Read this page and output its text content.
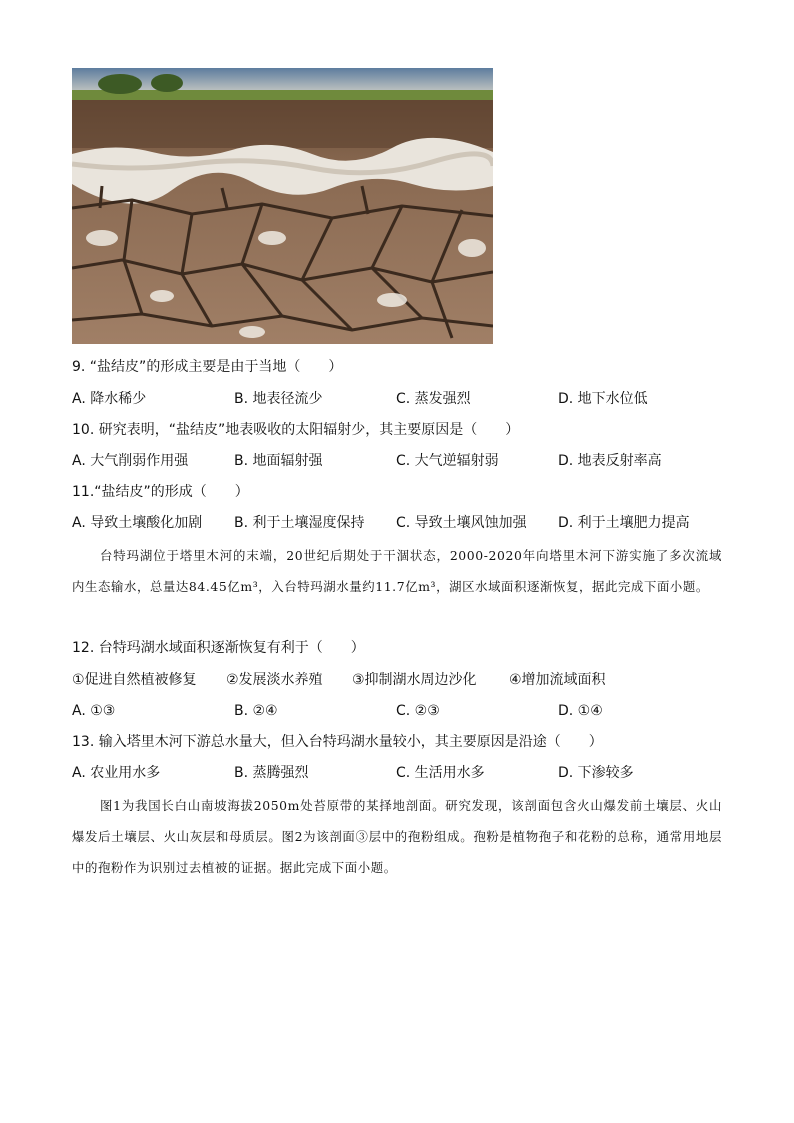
9. “盐结皮”的形成主要是由于当地（　　）
A. 降水稀少	B. 地表径流少	C. 蒸发强烈	D. 地下水位低
10. 研究表明，“盐结皮”地表吸收的太阳辐射少，其主要原因是（　　）
A. 大气削弱作用强	B. 地面辐射强	C. 大气逆辐射弱	D. 地表反射率高
11.“盐结皮”的形成（　　）
A. 导致土壤酸化加剧 B. 利于土壤湿度保持 C. 导致土壤风蚀加强 D. 利于土壤肥力提高

台特玛湖位于塔里木河的末端，20世纪后期处于干涸状态，2000-2020年向塔里木河下游实施了多次流域内生态输水，总量达84.45亿m³，入台特玛湖水量约11.7亿m³，湖区水域面积逐渐恢复，据此完成下面小题。

12. 台特玛湖水域面积逐渐恢复有利于（　　）
①促进自然植被修复 ②发展淡水养殖 ③抑制湖水周边沙化 ④增加流域面积
A. ①③	B. ②④	C. ②③	D. ①④
13. 输入塔里木河下游总水量大，但入台特玛湖水量较小，其主要原因是沿途（　　）
A. 农业用水多	B. 蒸腾强烈	C. 生活用水多	D. 下渗较多

图1为我国长白山南坡海拔2050m处苔原带的某择地剖面。研究发现，该剖面包含火山爆发前土壤层、火山爆发后土壤层、火山灰层和母质层。图2为该剖面③层中的孢粉组成。孢粉是植物孢子和花粉的总称，通常用地层中的孢粉作为识别过去植被的证据。据此完成下面小题。
